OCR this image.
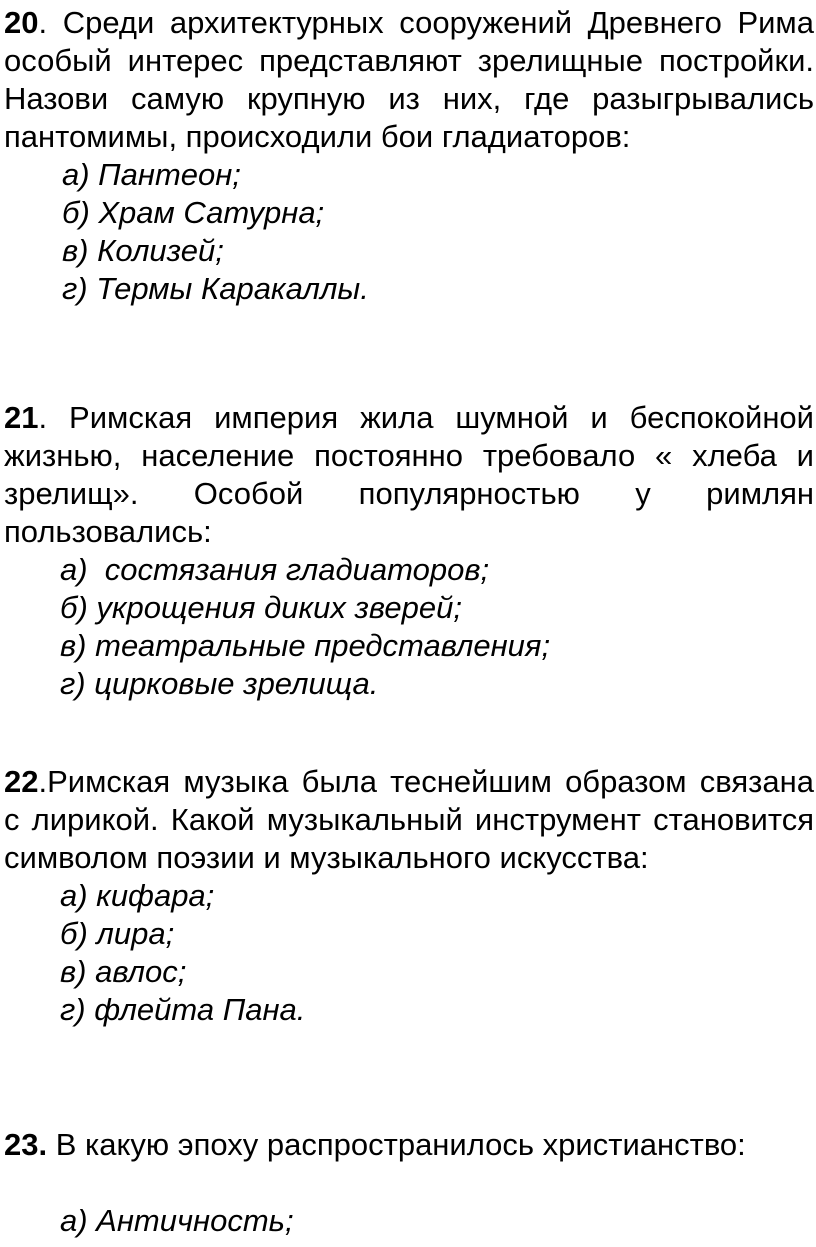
20. Среди архитектурных сооружений Древнего Рима особый интерес представляют зрелищные постройки. Назови самую крупную из них, где разыгрывались пантомимы, происходили бои гладиаторов:

а) Пантеон;
б) Храм Сатурна;
в) Колизей;
г) Термы Каракаллы.

21. Римская империя жила шумной и беспокойной жизнью, население постоянно требовало « хлеба и зрелищ». Особой популярностью у римлян пользовались:

а)  состязания гладиаторов;
б) укрощения диких зверей;
в) театральные представления;
г) цирковые зрелища.

22.Римская музыка была теснейшим образом связана с лирикой. Какой музыкальный инструмент становится символом поэзии и музыкального искусства:

а) кифара;
б) лира;
в) авлос;
г) флейта Пана.

23. В какую эпоху распространилось христианство:

а) Античность;
